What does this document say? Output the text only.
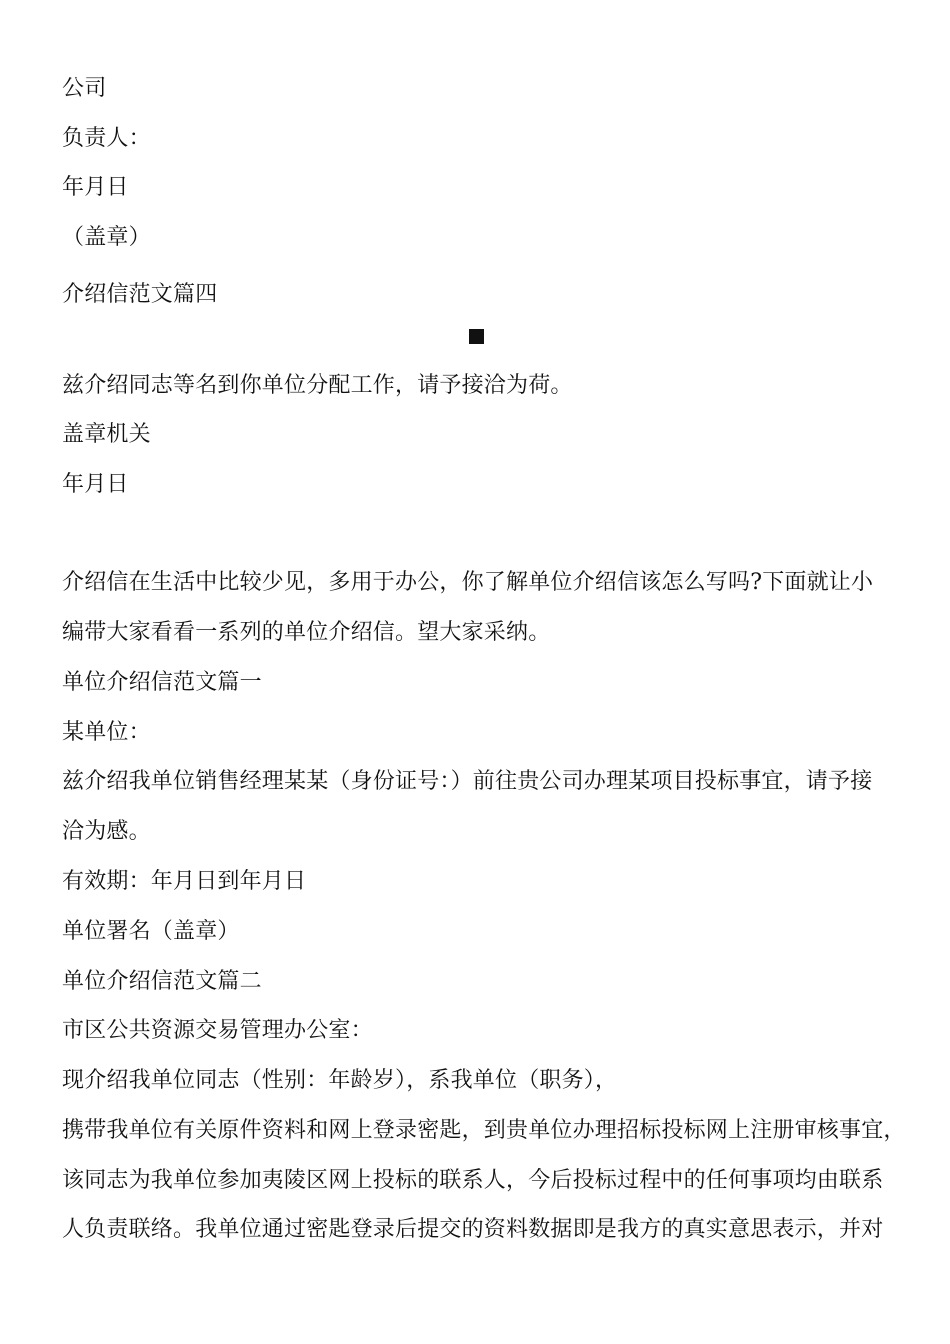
公司
负责人：
年月日
（盖章）
介绍信范文篇四
兹介绍同志等名到你单位分配工作，请予接洽为荷。
盖章机关
年月日
介绍信在生活中比较少见，多用于办公，你了解单位介绍信该怎么写吗?下面就让小
编带大家看看一系列的单位介绍信。望大家采纳。
单位介绍信范文篇一
某单位：
兹介绍我单位销售经理某某（身份证号：）前往贵公司办理某项目投标事宜，请予接
洽为感。
有效期：年月日到年月日
单位署名（盖章）
单位介绍信范文篇二
市区公共资源交易管理办公室：
现介绍我单位同志（性别：年龄岁），系我单位（职务），
携带我单位有关原件资料和网上登录密匙，到贵单位办理招标投标网上注册审核事宜，
该同志为我单位参加夷陵区网上投标的联系人，今后投标过程中的任何事项均由联系
人负责联络。我单位通过密匙登录后提交的资料数据即是我方的真实意思表示，并对
